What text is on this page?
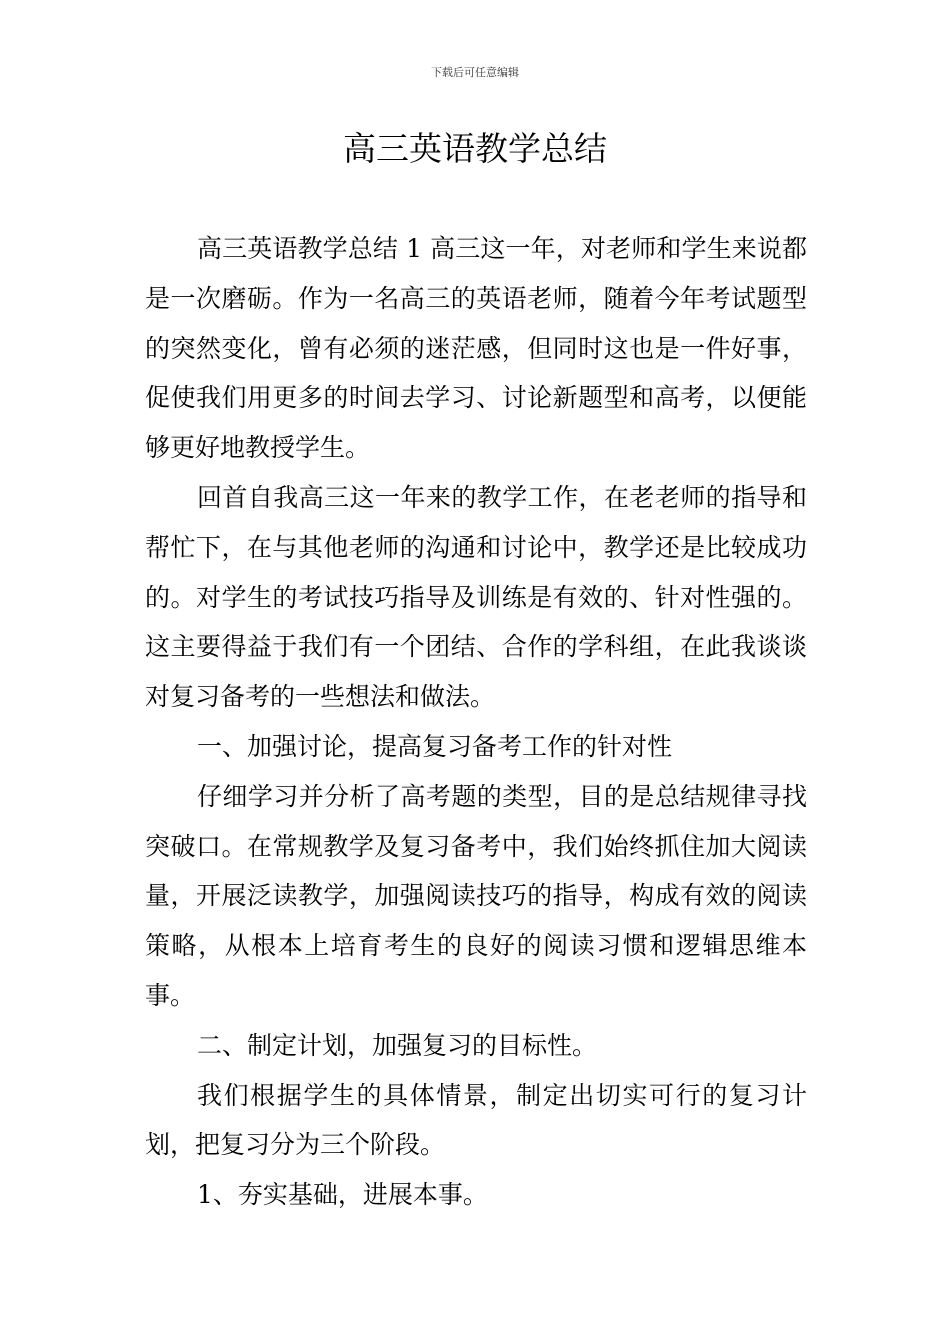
下载后可任意编辑
高三英语教学总结

高三英语教学总结 1 高三这一年，对老师和学生来说都是一次磨砺。作为一名高三的英语老师，随着今年考试题型的突然变化，曾有必须的迷茫感，但同时这也是一件好事，促使我们用更多的时间去学习、讨论新题型和高考，以便能够更好地教授学生。

回首自我高三这一年来的教学工作，在老老师的指导和帮忙下，在与其他老师的沟通和讨论中，教学还是比较成功的。对学生的考试技巧指导及训练是有效的、针对性强的。这主要得益于我们有一个团结、合作的学科组，在此我谈谈对复习备考的一些想法和做法。

一、加强讨论，提高复习备考工作的针对性

仔细学习并分析了高考题的类型，目的是总结规律寻找突破口。在常规教学及复习备考中，我们始终抓住加大阅读量，开展泛读教学，加强阅读技巧的指导，构成有效的阅读策略，从根本上培育考生的良好的阅读习惯和逻辑思维本事。

二、制定计划，加强复习的目标性。

我们根据学生的具体情景，制定出切实可行的复习计划，把复习分为三个阶段。

1、夯实基础，进展本事。
